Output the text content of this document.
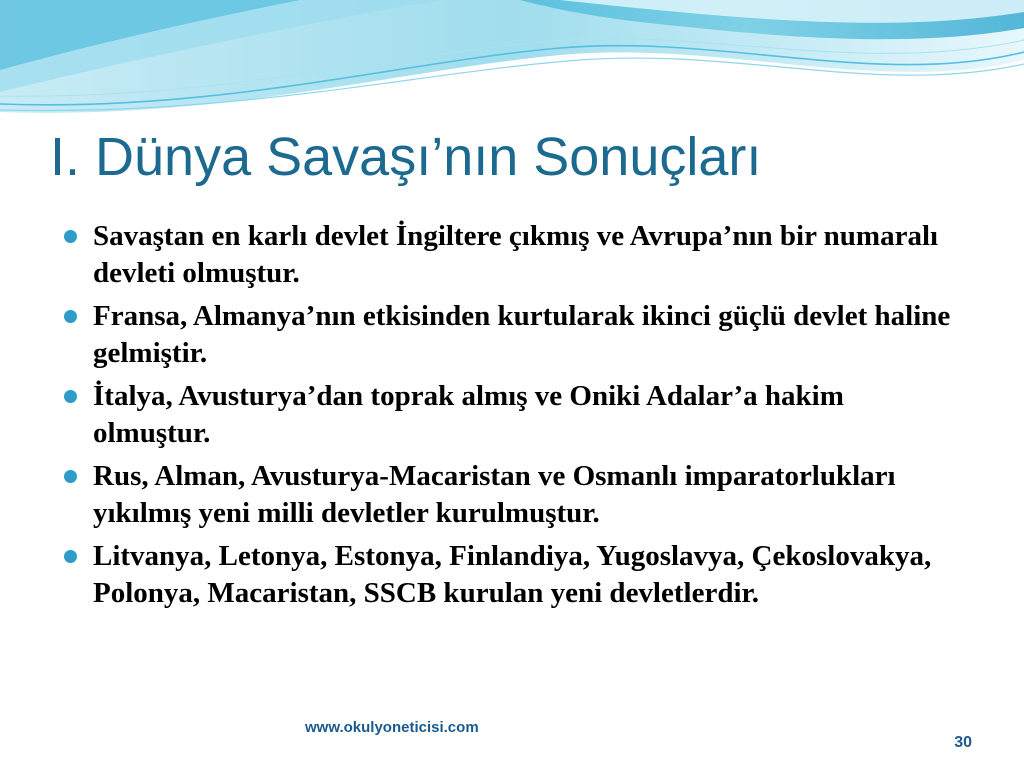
I. Dünya Savaşı’nın Sonuçları
Savaştan en karlı devlet İngiltere çıkmış ve Avrupa’nın bir numaralı devleti olmuştur.
Fransa, Almanya’nın etkisinden kurtularak ikinci güçlü devlet haline gelmiştir.
İtalya, Avusturya’dan toprak almış ve Oniki Adalar’a hakim olmuştur.
Rus, Alman, Avusturya-Macaristan ve Osmanlı imparatorlukları yıkılmış yeni milli devletler kurulmuştur.
Litvanya, Letonya, Estonya, Finlandiya, Yugoslavya, Çekoslovakya, Polonya, Macaristan, SSCB kurulan yeni devletlerdir.
www.okulyoneticisi.com
30
